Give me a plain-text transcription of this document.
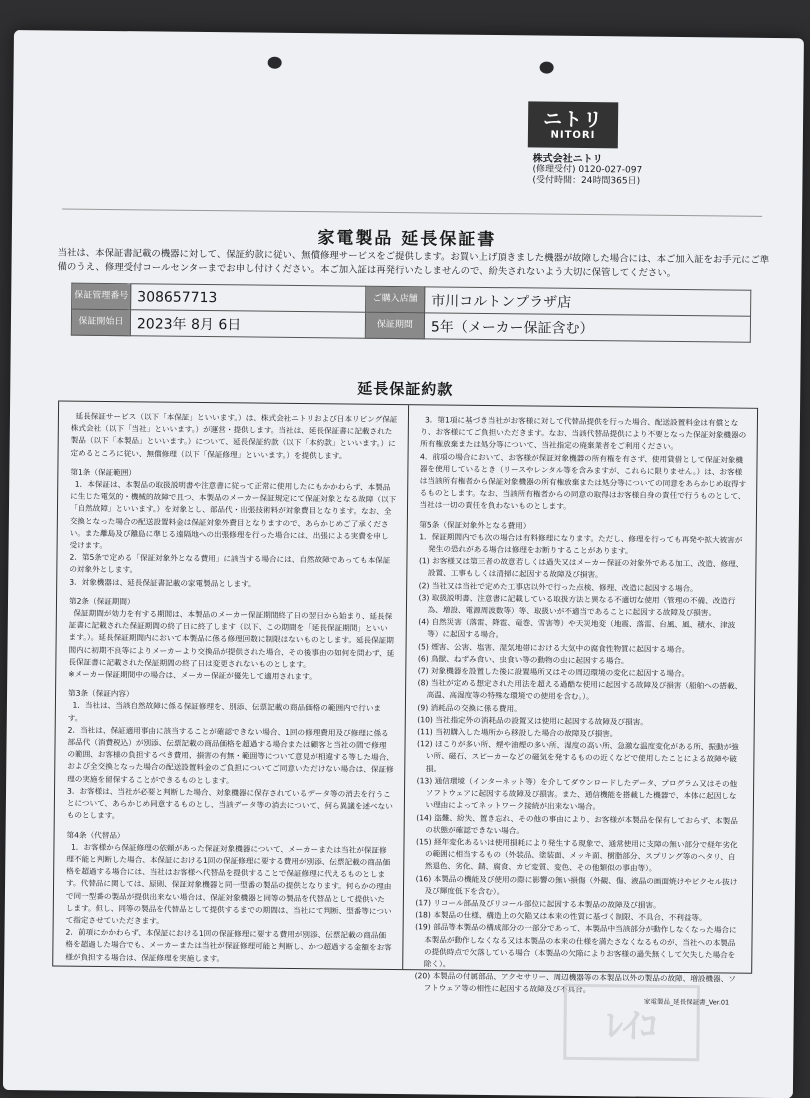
ニトリ
NITORI
株式会社ニトリ
(修理受付) 0120-027-097
(受付時間：24時間365日)
家電製品 延長保証書
当社は、本保証書記載の機器に対して、保証約款に従い、無償修理サービスをご提供します。お買い上げ頂きました機器が故障した場合には、本ご加入証をお手元にご準備のうえ、修理受付コールセンターまでお申し付けください。本ご加入証は再発行いたしませんので、紛失されないよう大切に保管してください。
保証管理番号	308657713	ご購入店舗	市川コルトンプラザ店
保証開始日	2023年 8月 6日	保証期間	5年（メーカー保証含む）
延長保証約款
延長保証サービス（以下「本保証」といいます。）は、株式会社ニトリおよび日本リビング保証株式会社（以下「当社」といいます。）が運営・提供します。当社は、延長保証書に記載された製品（以下「本製品」といいます。）について、延長保証約款（以下「本約款」といいます。）に定めるところに従い、無償修理（以下「保証修理」といいます。）を提供します。
第1条（保証範囲）
1．本保証は、本製品の取扱説明書や注意書に従って正常に使用したにもかかわらず、本製品に生じた電気的・機械的故障で且つ、本製品のメーカー保証規定にて保証対象となる故障（以下「自然故障」といいます。）を対象とし、部品代・出張技術料が対象費目となります。なお、全交換となった場合の配送設置料金は保証対象外費目となりますので、あらかじめご了承ください。また離島及び離島に準じる遠隔地への出張修理を行った場合には、出張による実費を申し受けます。
2．第5条で定める「保証対象外となる費用」に該当する場合には、自然故障であっても本保証の対象外とします。
3．対象機器は、延長保証書記載の家電製品とします。
第2条（保証期間）
保証期間が効力を有する期間は、本製品のメーカー保証期間終了日の翌日から始まり、延長保証書に記載された保証期間の終了日に終了します（以下、この期間を「延長保証期間」といいます。）。延長保証期間内において本製品に係る修理回数に制限はないものとします。延長保証期間内に初期不良等によりメーカーより交換品が提供された場合、その後事由の如何を問わず、延長保証書に記載された保証期間の終了日は変更されないものとします。
※メーカー保証期間中の場合は、メーカー保証が優先して適用されます。
第3条（保証内容）
1．当社は、当該自然故障に係る保証修理を、別添、伝票記載の商品価格の範囲内で行います。
2．当社は、保証適用事由に該当することが確認できない場合、1回の修理費用及び修理に係る部品代（消費税込）が別添、伝票記載の商品価格を超過する場合または顧客と当社の間で修理の範囲、お客様の負担するべき費用、損害の有無・範囲等について意見が相違する等した場合、および全交換となった場合の配送設置料金のご負担についてご同意いただけない場合は、保証修理の実施を留保することができるものとします。
3．お客様は、当社が必要と判断した場合、対象機器に保存されているデータ等の消去を行うことについて、あらかじめ同意するものとし、当該データ等の消去について、何ら異議を述べないものとします。
第4条（代替品）
1．お客様から保証修理の依頼があった保証対象機器について、メーカーまたは当社が保証修理不能と判断した場合、本保証における1回の保証修理に要する費用が別添、伝票記載の商品価格を超過する場合には、当社はお客様へ代替品を提供することで保証修理に代えるものとします。代替品に関しては、原則、保証対象機器と同一型番の製品の提供となります。何らかの理由で同一型番の製品が提供出来ない場合は、保証対象機器と同等の製品を代替品として提供いたします。但し、同等の製品を代替品として提供するまでの期間は、当社にて判断、型番等について指定させていただきます。
2．前項にかかわらず、本保証における1回の保証修理に要する費用が別添、伝票記載の商品価格を超過した場合でも、メーカーまたは当社が保証修理可能と判断し、かつ超過する金額をお客様が負担する場合は、保証修理を実施します。
3．第1項に基づき当社がお客様に対して代替品提供を行った場合、配送設置料金は有償となり、お客様にてご負担いただきます。なお、当該代替品提供により不要となった保証対象機器の所有権放棄または処分等について、当社指定の廃棄業者をご利用ください。
4．前項の場合において、お客様が保証対象機器の所有権を有さず、使用貸借として保証対象機器を使用しているとき（リースやレンタル等を含みますが、これらに限りません。）は、お客様は当該所有権者から保証対象機器の所有権放棄または処分等についての同意をあらかじめ取得するものとします。なお、当該所有権者からの同意の取得はお客様自身の責任で行うものとして、当社は一切の責任を負わないものとします。
第5条（保証対象外となる費用）
1．保証期間内でも次の場合は有料修理になります。ただし、修理を行っても再発や拡大被害が発生の恐れがある場合は修理をお断りすることがあります。
(1) お客様又は第三者の故意若しくは過失又はメーカー保証の対象外である加工、改造、修理、設置、工事もしくは清掃に起因する故障及び損害。
(2) 当社又は当社で定めた工事店以外で行った点検、修理、改造に起因する場合。
(3) 取扱説明書、注意書に記載している取扱方法と異なる不適切な使用（管理の不備、改造行為、増設、電源周波数等）等、取扱いが不適当であることに起因する故障及び損害。
(4) 自然災害（落雷、降雹、竜巻、雪害等）や天災地変（地震、落雷、台風、風、積水、津波等）に起因する場合。
(5) 煙害、公害、塩害、湿気地帯における大気中の腐食性物質に起因する場合。
(6) 鳥獣、ねずみ食い、虫食い等の動物の虫に起因する場合。
(7) 対象機器を設置した後に設置場所又はその周辺環境の変化に起因する場合。
(8) 当社が定める想定された用法を超える過酷な使用に起因する故障及び損害（船舶への搭載、高温、高湿度等の特殊な環境での使用を含む。）。
(9) 消耗品の交換に係る費用。
(10) 当社指定外の消耗品の設置又は使用に起因する故障及び損害。
(11) 当初購入した場所から移設した場合の故障及び損害。
(12) ほこりが多い所、煙や油煙の多い所、湿度の高い所、急激な温度変化がある所、振動が強い所、磁石、スピーカーなどの磁気を発するものの近くなどで使用したことによる故障や破損。
(13) 通信環境（インターネット等）を介してダウンロードしたデータ、プログラム又はその他ソフトウェアに起因する故障及び損害。また、通信機能を搭載した機器で、本体に起因しない理由によってネットワーク接続が出来ない場合。
(14) 盗難、紛失、置き忘れ、その他の事由により、お客様が本製品を保有しておらず、本製品の状態が確認できない場合。
(15) 経年変化あるいは使用損耗により発生する現象で、通常使用に支障の無い部分で経年劣化の範囲に相当するもの（外装品、塗装面、メッキ面、樹脂部分、スプリング等のヘタリ、自然退色、劣化、錆、腐食、カビ変質、変色、その他類似の事由等）。
(16) 本製品の機能及び使用の際に影響の無い損傷（外観、傷、液晶の画面焼けやピクセル抜け及び輝度低下を含む）。
(17) リコール部品及びリコール部位に起因する本製品の故障及び損害。
(18) 本製品の仕様、構造上の欠陥又は本来の性質に基づく制限、不具合、不利益等。
(19) 部品等本製品の構成部分の一部分であって、本製品中当該部分が動作しなくなった場合に本製品が動作しなくなる又は本製品の本来の仕様を満たさなくなるものが、当社への本製品の提供時点で欠落している場合（本製品の欠陥によりお客様の過失無くして欠失した場合を除く）。
(20) 本製品の付属部品、アクセサリー、周辺機器等の本製品以外の製品の故障、増設機器、ソフトウェア等の相性に起因する故障及び不具合。
ﾚｲｺ
家電製品_延長保証書_Ver.01
